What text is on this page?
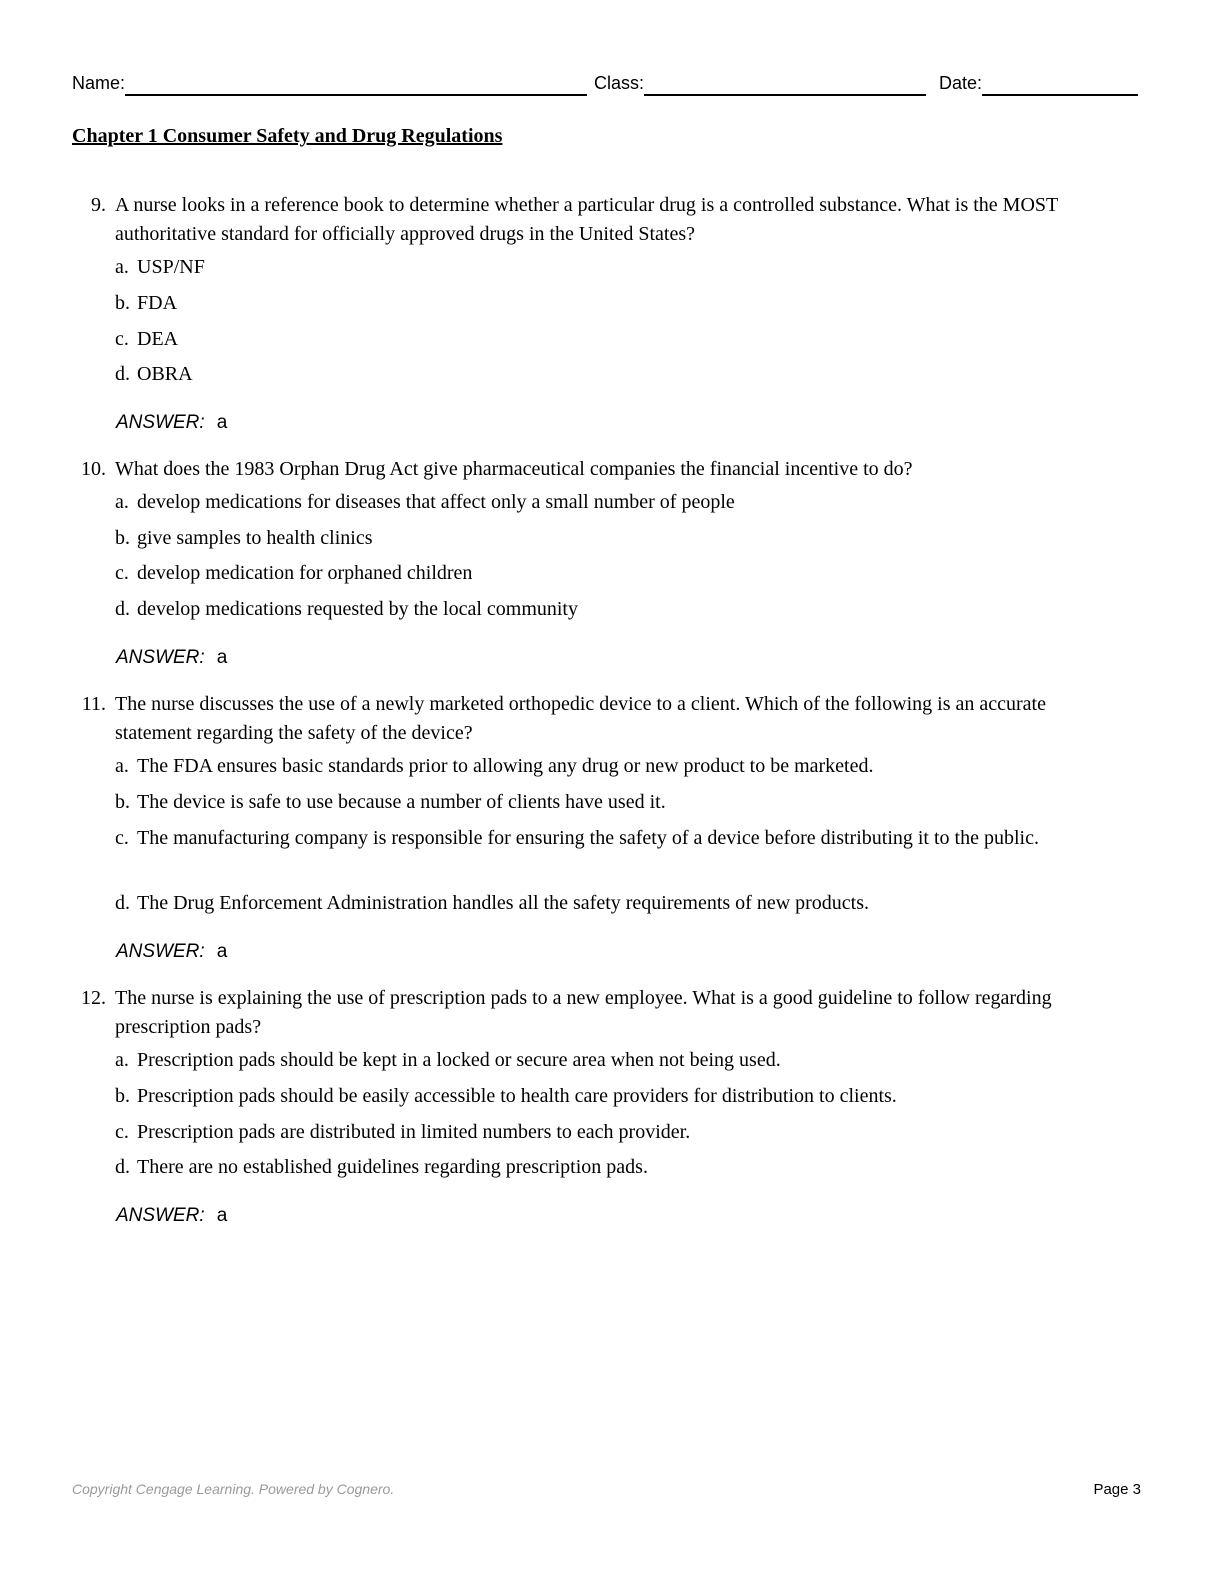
Name:	Class:	Date:
Chapter 1 Consumer Safety and Drug Regulations
9. A nurse looks in a reference book to determine whether a particular drug is a controlled substance. What is the MOST authoritative standard for officially approved drugs in the United States?
a. USP/NF
b. FDA
c. DEA
d. OBRA
ANSWER: a
10. What does the 1983 Orphan Drug Act give pharmaceutical companies the financial incentive to do?
a. develop medications for diseases that affect only a small number of people
b. give samples to health clinics
c. develop medication for orphaned children
d. develop medications requested by the local community
ANSWER: a
11. The nurse discusses the use of a newly marketed orthopedic device to a client. Which of the following is an accurate statement regarding the safety of the device?
a. The FDA ensures basic standards prior to allowing any drug or new product to be marketed.
b. The device is safe to use because a number of clients have used it.
c. The manufacturing company is responsible for ensuring the safety of a device before distributing it to the public.
d. The Drug Enforcement Administration handles all the safety requirements of new products.
ANSWER: a
12. The nurse is explaining the use of prescription pads to a new employee. What is a good guideline to follow regarding prescription pads?
a. Prescription pads should be kept in a locked or secure area when not being used.
b. Prescription pads should be easily accessible to health care providers for distribution to clients.
c. Prescription pads are distributed in limited numbers to each provider.
d. There are no established guidelines regarding prescription pads.
ANSWER: a
Copyright Cengage Learning. Powered by Cognero.	Page 3
